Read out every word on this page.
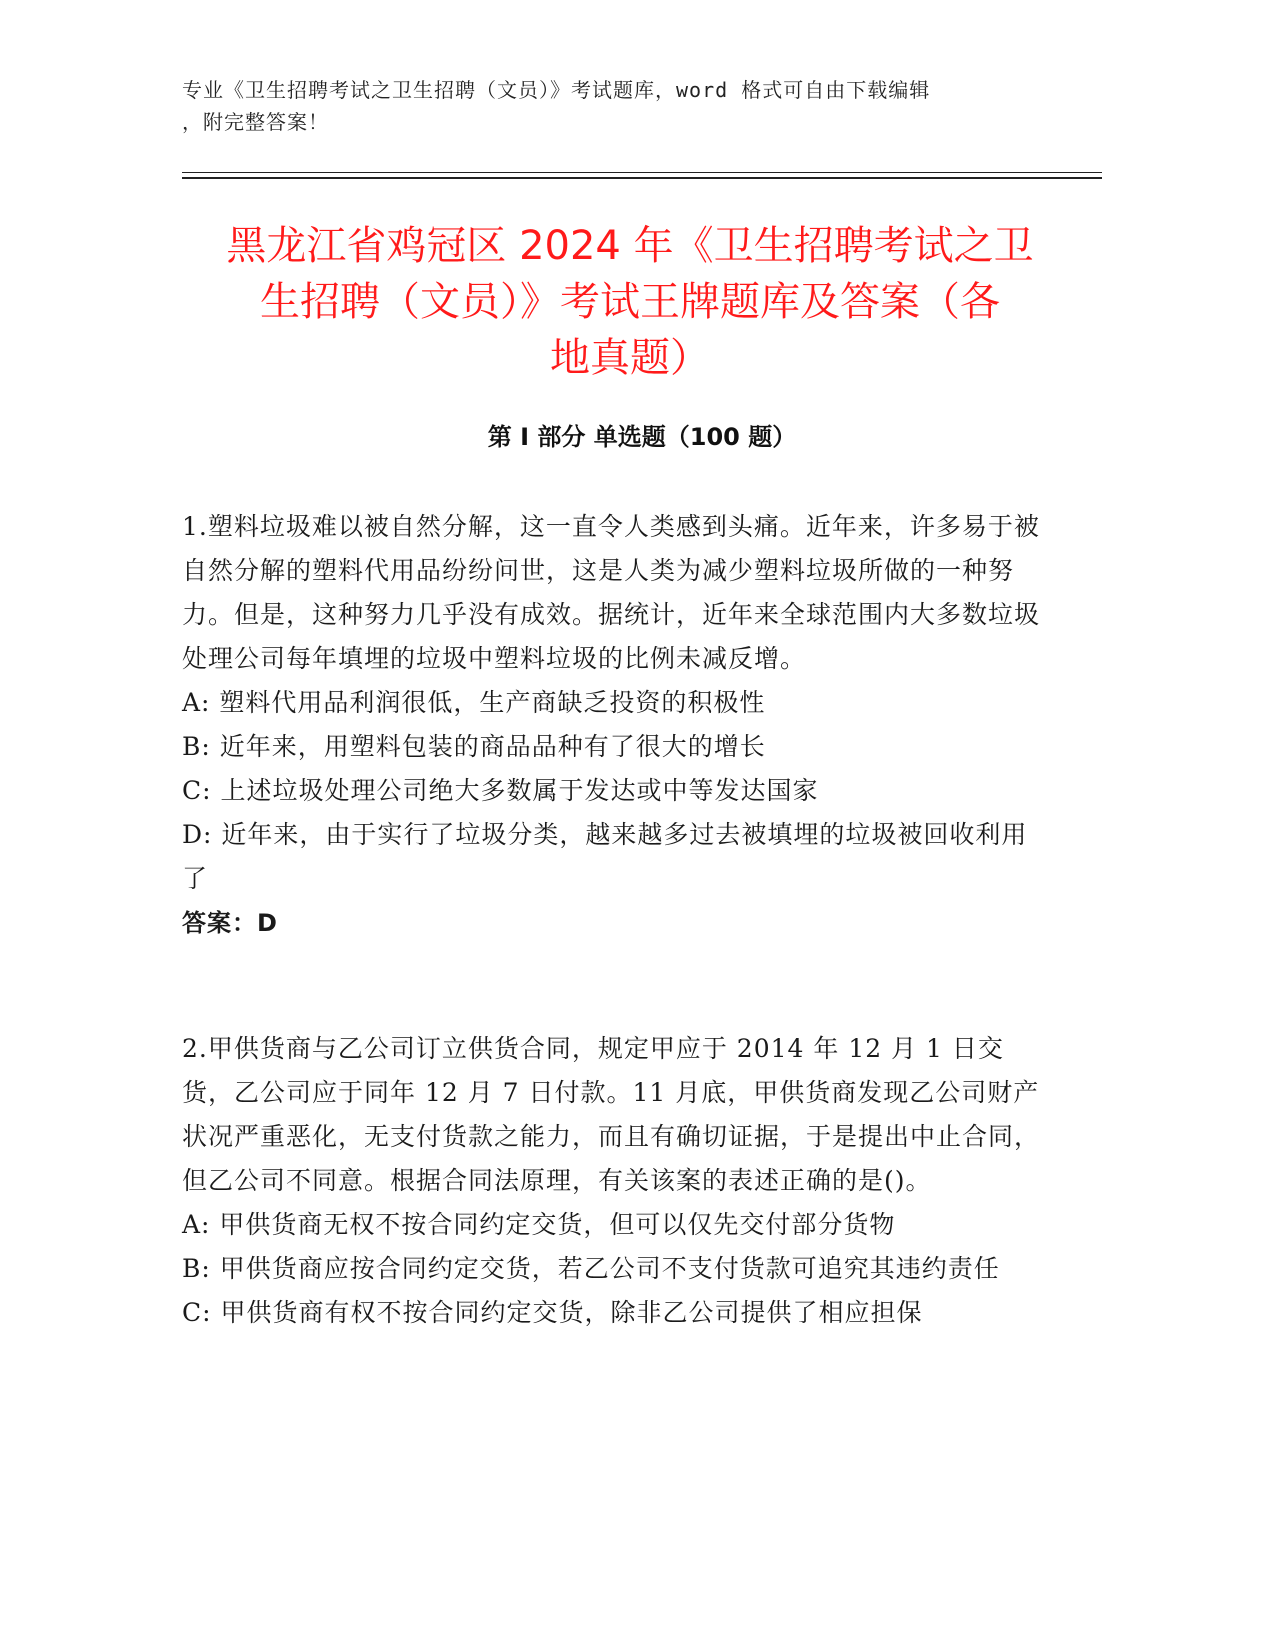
专业《卫生招聘考试之卫生招聘（文员）》考试题库，word 格式可自由下载编辑
，附完整答案！
黑龙江省鸡冠区 2024 年《卫生招聘考试之卫
生招聘（文员）》考试王牌题库及答案（各
地真题）
第 I 部分 单选题（100 题）

1.塑料垃圾难以被自然分解，这一直令人类感到头痛。近年来，许多易于被自然分解的塑料代用品纷纷问世，这是人类为减少塑料垃圾所做的一种努力。但是，这种努力几乎没有成效。据统计，近年来全球范围内大多数垃圾处理公司每年填埋的垃圾中塑料垃圾的比例未减反增。

A: 塑料代用品利润很低，生产商缺乏投资的积极性

B: 近年来，用塑料包装的商品品种有了很大的增长

C: 上述垃圾处理公司绝大多数属于发达或中等发达国家

D: 近年来，由于实行了垃圾分类，越来越多过去被填埋的垃圾被回收利用了

答案：D

2.甲供货商与乙公司订立供货合同，规定甲应于 2014 年 12 月 1 日交货，乙公司应于同年 12 月 7 日付款。11 月底，甲供货商发现乙公司财产状况严重恶化，无支付货款之能力，而且有确切证据，于是提出中止合同，但乙公司不同意。根据合同法原理，有关该案的表述正确的是()。

A: 甲供货商无权不按合同约定交货，但可以仅先交付部分货物

B: 甲供货商应按合同约定交货，若乙公司不支付货款可追究其违约责任

C: 甲供货商有权不按合同约定交货，除非乙公司提供了相应担保
